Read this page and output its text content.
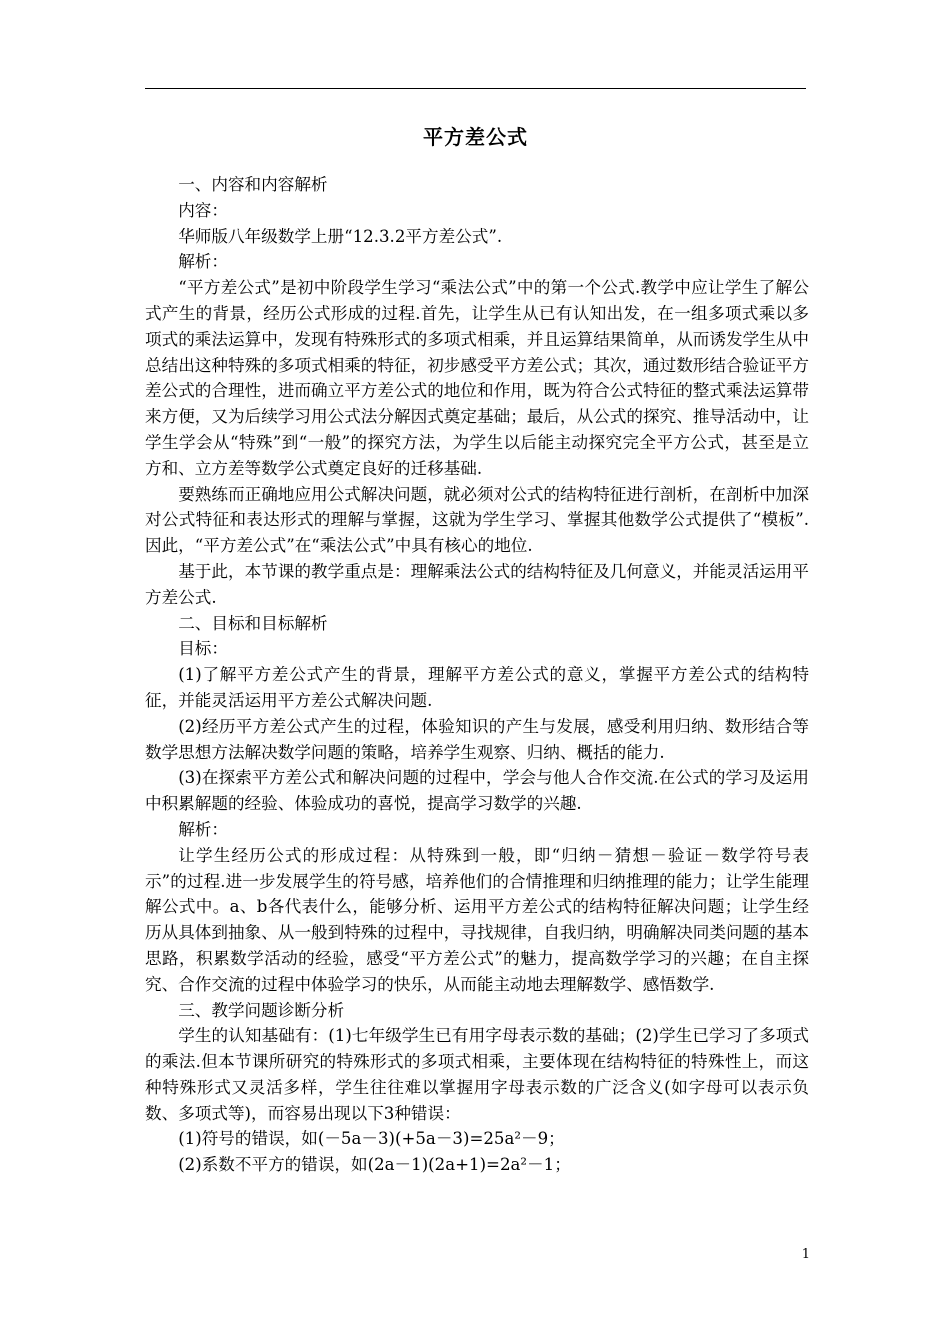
平方差公式

一、内容和内容解析

内容：

华师版八年级数学上册“12.3.2平方差公式”.

解析：

“平方差公式”是初中阶段学生学习“乘法公式”中的第一个公式.教学中应让学生了解公式产生的背景，经历公式形成的过程.首先，让学生从已有认知出发，在一组多项式乘以多项式的乘法运算中，发现有特殊形式的多项式相乘，并且运算结果简单，从而诱发学生从中总结出这种特殊的多项式相乘的特征，初步感受平方差公式；其次，通过数形结合验证平方差公式的合理性，进而确立平方差公式的地位和作用，既为符合公式特征的整式乘法运算带来方便，又为后续学习用公式法分解因式奠定基础；最后，从公式的探究、推导活动中，让学生学会从“特殊”到“一般”的探究方法，为学生以后能主动探究完全平方公式，甚至是立方和、立方差等数学公式奠定良好的迁移基础.

要熟练而正确地应用公式解决问题，就必须对公式的结构特征进行剖析，在剖析中加深对公式特征和表达形式的理解与掌握，这就为学生学习、掌握其他数学公式提供了“模板”.因此，“平方差公式”在“乘法公式”中具有核心的地位.

基于此，本节课的教学重点是：理解乘法公式的结构特征及几何意义，并能灵活运用平方差公式.

二、目标和目标解析

目标：

(1)了解平方差公式产生的背景，理解平方差公式的意义，掌握平方差公式的结构特征，并能灵活运用平方差公式解决问题.

(2)经历平方差公式产生的过程，体验知识的产生与发展，感受利用归纳、数形结合等数学思想方法解决数学问题的策略，培养学生观察、归纳、概括的能力.

(3)在探索平方差公式和解决问题的过程中，学会与他人合作交流.在公式的学习及运用中积累解题的经验、体验成功的喜悦，提高学习数学的兴趣.

解析：

让学生经历公式的形成过程：从特殊到一般，即“归纳－猜想－验证－数学符号表示”的过程.进一步发展学生的符号感，培养他们的合情推理和归纳推理的能力；让学生能理解公式中。a、b各代表什么，能够分析、运用平方差公式的结构特征解决问题；让学生经历从具体到抽象、从一般到特殊的过程中，寻找规律，自我归纳，明确解决同类问题的基本思路，积累数学活动的经验，感受“平方差公式”的魅力，提高数学学习的兴趣；在自主探究、合作交流的过程中体验学习的快乐，从而能主动地去理解数学、感悟数学.

三、教学问题诊断分析

学生的认知基础有：(1)七年级学生已有用字母表示数的基础；(2)学生已学习了多项式的乘法.但本节课所研究的特殊形式的多项式相乘，主要体现在结构特征的特殊性上，而这种特殊形式又灵活多样，学生往往难以掌握用字母表示数的广泛含义(如字母可以表示负数、多项式等)，而容易出现以下3种错误：

(1)符号的错误，如(－5a－3)(+5a－3)=25a²－9；

(2)系数不平方的错误，如(2a－1)(2a+1)=2a²－1；

1
